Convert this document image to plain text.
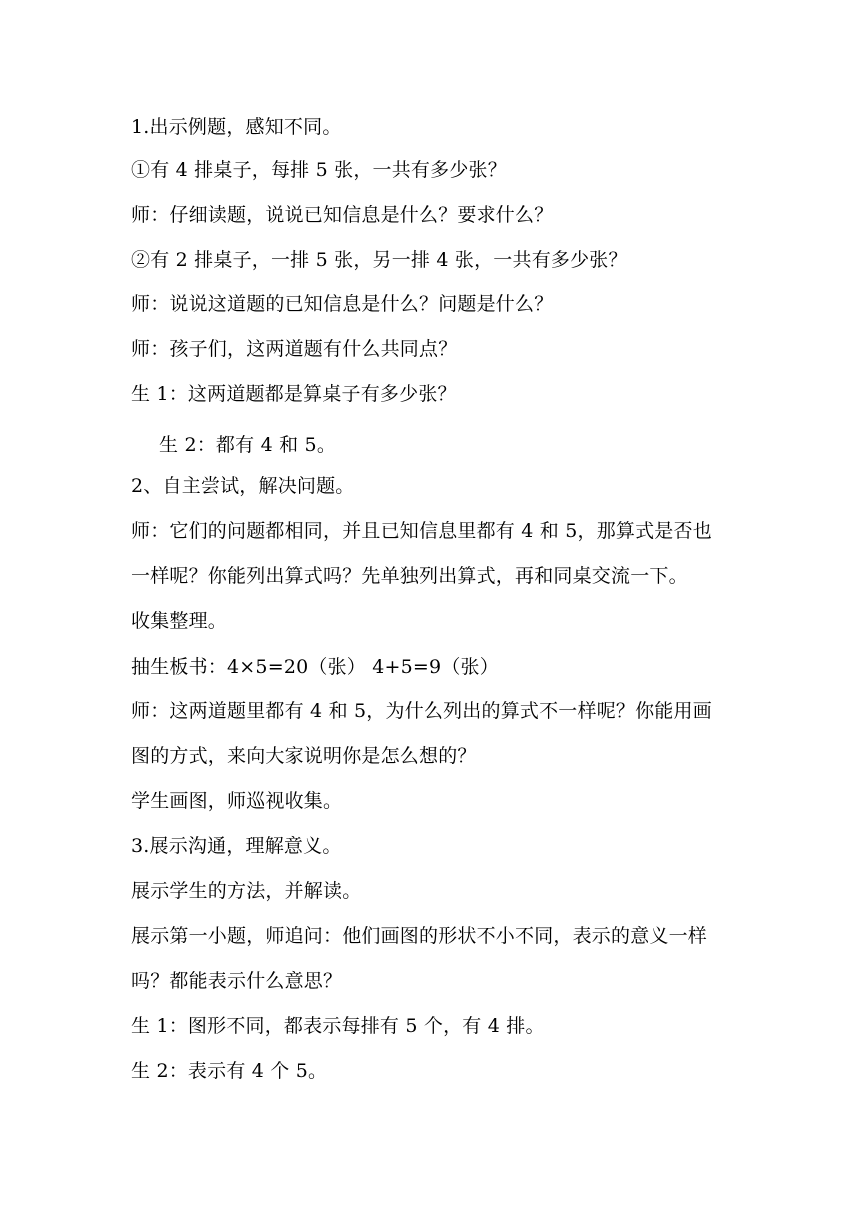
1.出示例题，感知不同。
①有 4 排桌子，每排 5 张，一共有多少张？
师：仔细读题，说说已知信息是什么？要求什么？
②有 2 排桌子，一排 5 张，另一排 4 张，一共有多少张？
师：说说这道题的已知信息是什么？问题是什么？
师：孩子们，这两道题有什么共同点？
生 1：这两道题都是算桌子有多少张？
生 2：都有 4 和 5。
2、自主尝试，解决问题。
师：它们的问题都相同，并且已知信息里都有 4 和 5，那算式是否也
一样呢？你能列出算式吗？先单独列出算式，再和同桌交流一下。
收集整理。
抽生板书：4×5=20（张） 4+5=9（张）
师：这两道题里都有 4 和 5，为什么列出的算式不一样呢？你能用画
图的方式，来向大家说明你是怎么想的？
学生画图，师巡视收集。
3.展示沟通，理解意义。
展示学生的方法，并解读。
展示第一小题，师追问：他们画图的形状不小不同，表示的意义一样
吗？都能表示什么意思？
生 1：图形不同，都表示每排有 5 个，有 4 排。
生 2：表示有 4 个 5。
